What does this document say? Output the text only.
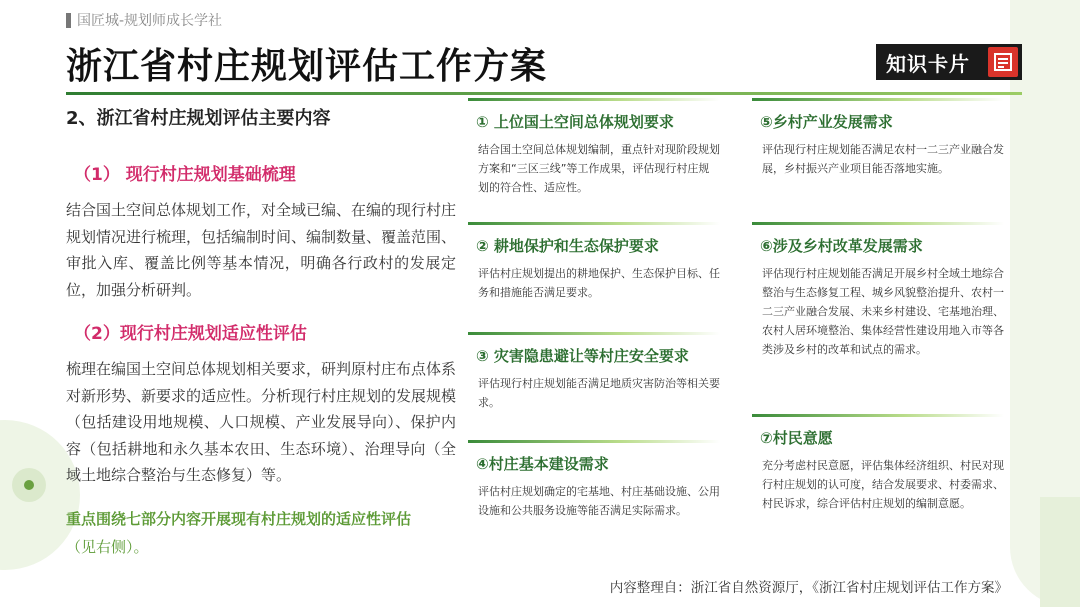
国匠城-规划师成长学社
浙江省村庄规划评估工作方案	知识卡片
2、浙江省村庄规划评估主要内容
（1） 现行村庄规划基础梳理

结合国土空间总体规划工作，对全域已编、在编的现行村庄规划情况进行梳理，包括编制时间、编制数量、覆盖范围、审批入库、覆盖比例等基本情况，明确各行政村的发展定位，加强分析研判。

（2）现行村庄规划适应性评估

梳理在编国土空间总体规划相关要求，研判原村庄布点体系对新形势、新要求的适应性。分析现行村庄规划的发展规模（包括建设用地规模、人口规模、产业发展导向）、保护内容（包括耕地和永久基本农田、生态环境）、治理导向（全域土地综合整治与生态修复）等。

重点围绕七部分内容开展现有村庄规划的适应性评估
（见右侧）。

① 上位国土空间总体规划要求
结合国土空间总体规划编制，重点针对现阶段规划方案和“三区三线”等工作成果，评估现行村庄规划的符合性、适应性。
② 耕地保护和生态保护要求
评估村庄规划提出的耕地保护、生态保护目标、任务和措施能否满足要求。
③ 灾害隐患避让等村庄安全要求
评估现行村庄规划能否满足地质灾害防治等相关要求。
④村庄基本建设需求
评估村庄规划确定的宅基地、村庄基础设施、公用设施和公共服务设施等能否满足实际需求。
⑤乡村产业发展需求
评估现行村庄规划能否满足农村一二三产业融合发展，乡村振兴产业项目能否落地实施。
⑥涉及乡村改革发展需求
评估现行村庄规划能否满足开展乡村全域土地综合整治与生态修复工程、城乡风貌整治提升、农村一二三产业融合发展、未来乡村建设、宅基地治理、农村人居环境整治、集体经营性建设用地入市等各类涉及乡村的改革和试点的需求。
⑦村民意愿
充分考虑村民意愿，评估集体经济组织、村民对现行村庄规划的认可度，结合发展要求、村委需求、村民诉求，综合评估村庄规划的编制意愿。
内容整理自：浙江省自然资源厅，《浙江省村庄规划评估工作方案》
